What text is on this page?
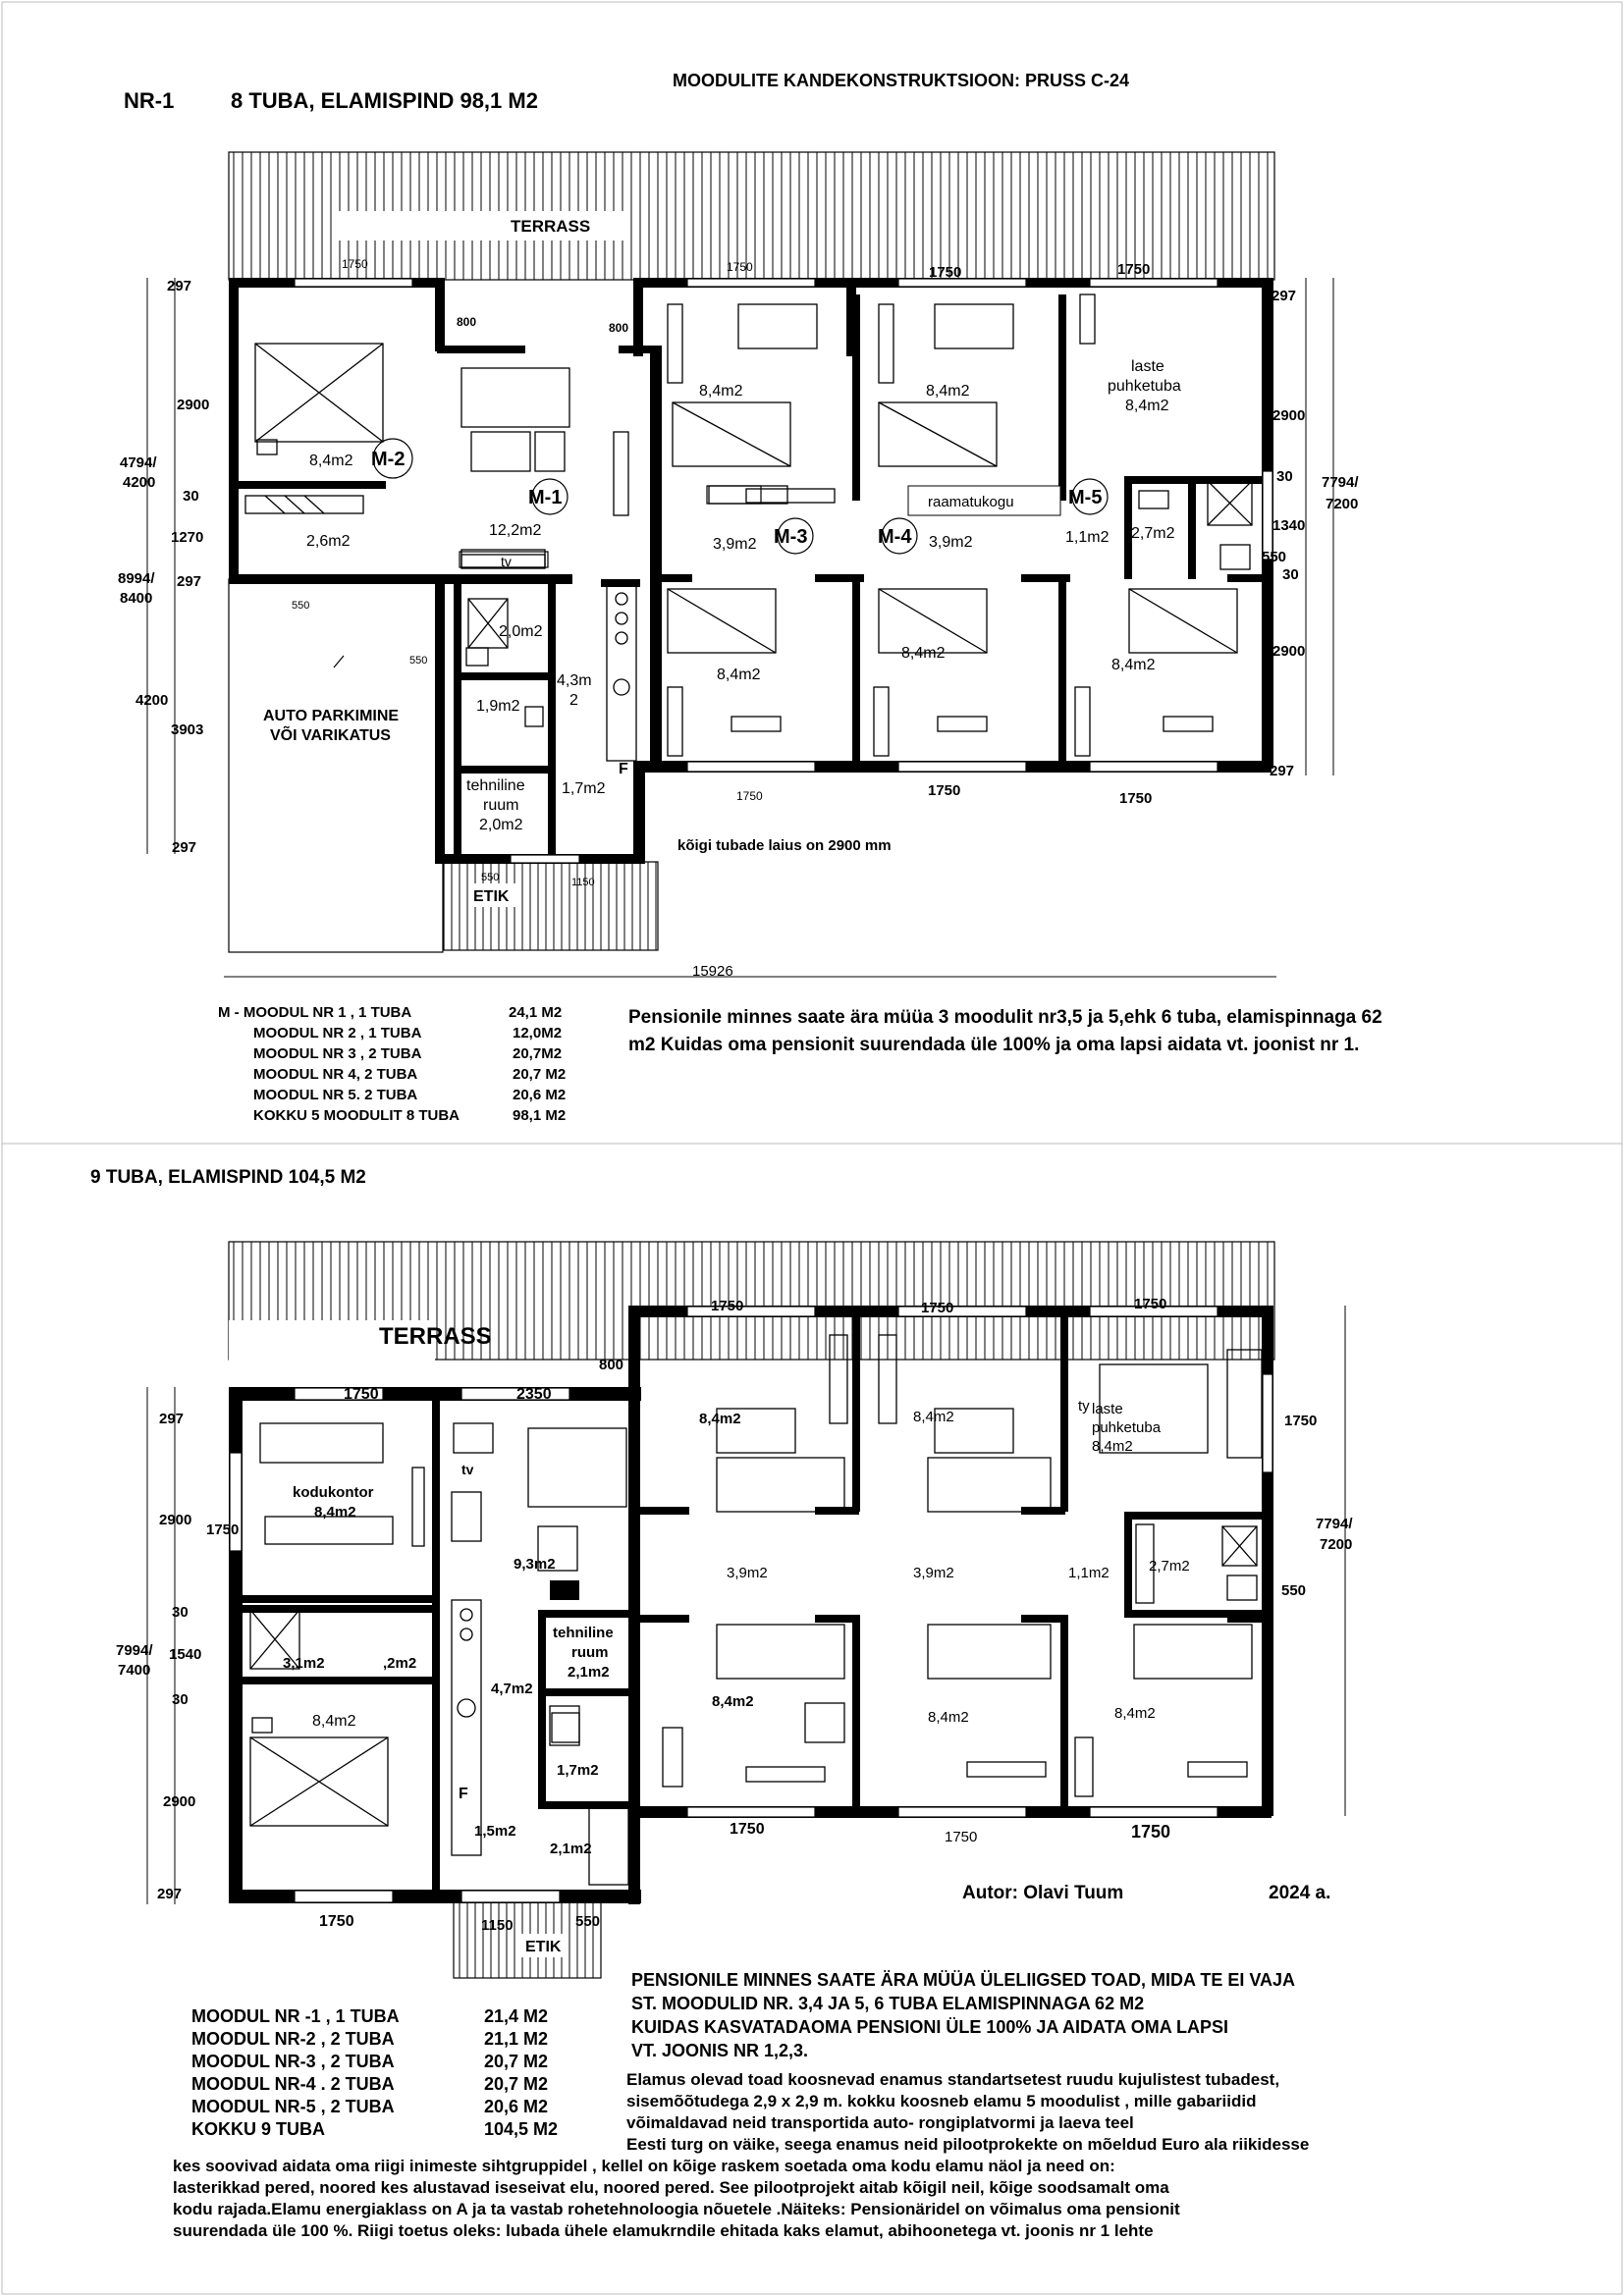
NR-1	8 TUBA, ELAMISPIND 98,1 M2
MOODULITE KANDEKONSTRUKTSIOON: PRUSS C-24
TERRASS
AUTO PARKIMINE
VÕI VARIKATUS
ETIK
8,4m2 M-2
2,6m2
M-1
12,2m2
tv
2,0m2
1,9m2
4,3m
2
tehniline
ruum
2,0m2
1,7m2
F
8,4m2	8,4m2
laste
puhketuba
8,4m2
raamatukogu
3,9m2 M-3	M-4 3,9m2
M-5
1,1m2 2,7m2
8,4m2
8,4m2
8,4m2
kõigi tubade laius on 2900 mm
1750	1750	1750	1750
800	800
297
2900
4794/
4200
30
1270
8994/ 297
8400	550
550
4200
3903
297
550	1150
297
2900
30 7794/
7200
1340
550
30
2900
297
1750	1750	1750
15926
M - MOODUL NR 1 , 1 TUBA	24,1 M2
MOODUL NR 2 , 1 TUBA	12,0M2
MOODUL NR 3 , 2 TUBA	20,7M2
MOODUL NR 4, 2 TUBA	20,7 M2
MOODUL NR 5. 2 TUBA	20,6 M2
KOKKU 5 MOODULIT 8 TUBA	98,1 M2
Pensionile minnes saate ära müüa 3 moodulit nr3,5 ja 5,ehk 6 tuba, elamispinnaga 62
m2 Kuidas oma pensionit suurendada üle 100% ja oma lapsi aidata vt. joonist nr 1.
9 TUBA, ELAMISPIND 104,5 M2
TERRASS
ETIK
kodukontor
8,4m2
tv
9,3m2
3,1m2	,2m2
8,4m2
4,7m2
tehniline
ruum
2,1m2
1,7m2
F
1,5m2
2,1m2
8,4m2	8,4m2
ty laste
puhketuba
8,4m2
3,9m2	3,9m2	1,1m2	2,7m2
8,4m2
8,4m2	8,4m2
1750	2350
800
1750	1750	1750
1750
297
2900
1750
30
7994/ 1540
7400
30
2900
297
7794/
7200
550
1750	1750	1750
1750	1150	550
Autor: Olavi Tuum	2024 a.
PENSIONILE MINNES SAATE ÄRA MÜÜA ÜLELIIGSED TOAD, MIDA TE EI VAJA
ST. MOODULID NR. 3,4 JA 5, 6 TUBA ELAMISPINNAGA 62 M2
KUIDAS KASVATADAOMA PENSIONI ÜLE 100% JA AIDATA OMA LAPSI
VT. JOONIS NR 1,2,3.
MOODUL NR -1 , 1 TUBA	21,4 M2
MOODUL NR-2 , 2 TUBA	21,1 M2
MOODUL NR-3 , 2 TUBA	20,7 M2
MOODUL NR-4 . 2 TUBA	20,7 M2
MOODUL NR-5 , 2 TUBA	20,6 M2
KOKKU 9 TUBA	104,5 M2
Elamus olevad toad koosnevad enamus standartsetest ruudu kujulistest tubadest,
sisemõõtudega 2,9 x 2,9 m. kokku koosneb elamu 5 moodulist , mille gabariidid
võimaldavad neid transportida auto- rongiplatvormi ja laeva teel
Eesti turg on väike, seega enamus neid pilootprokekte on mõeldud Euro ala riikidesse
kes soovivad aidata oma riigi inimeste sihtgruppidel , kellel on kõige raskem soetada oma kodu elamu näol ja need on:
lasterikkad pered, noored kes alustavad iseseivat elu, noored pered. See pilootprojekt aitab kõigil neil, kõige soodsamalt oma
kodu rajada.Elamu energiaklass on A ja ta vastab rohetehnoloogia nõuetele .Näiteks: Pensionäridel on võimalus oma pensionit
suurendada üle 100 %. Riigi toetus oleks: lubada ühele elamukrndile ehitada kaks elamut, abihoonetega vt. joonis nr 1 lehte
